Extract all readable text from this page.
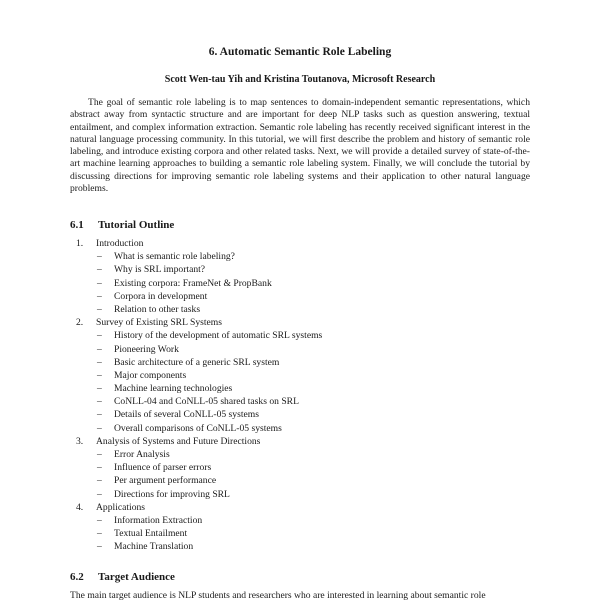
6. Automatic Semantic Role Labeling
Scott Wen-tau Yih and Kristina Toutanova, Microsoft Research

The goal of semantic role labeling is to map sentences to domain-independent semantic representations, which abstract away from syntactic structure and are important for deep NLP tasks such as question answering, textual entailment, and complex information extraction. Semantic role labeling has recently received significant interest in the natural language processing community. In this tutorial, we will first describe the problem and history of semantic role labeling, and introduce existing corpora and other related tasks. Next, we will provide a detailed survey of state-of-the-art machine learning approaches to building a semantic role labeling system. Finally, we will conclude the tutorial by discussing directions for improving semantic role labeling systems and their application to other natural language problems.

6.1 Tutorial Outline
1. Introduction
– What is semantic role labeling?
– Why is SRL important?
– Existing corpora: FrameNet & PropBank
– Corpora in development
– Relation to other tasks
2. Survey of Existing SRL Systems
– History of the development of automatic SRL systems
– Pioneering Work
– Basic architecture of a generic SRL system
– Major components
– Machine learning technologies
– CoNLL-04 and CoNLL-05 shared tasks on SRL
– Details of several CoNLL-05 systems
– Overall comparisons of CoNLL-05 systems
3. Analysis of Systems and Future Directions
– Error Analysis
– Influence of parser errors
– Per argument performance
– Directions for improving SRL
4. Applications
– Information Extraction
– Textual Entailment
– Machine Translation
6.2 Target Audience

The main target audience is NLP students and researchers who are interested in learning about semantic role
